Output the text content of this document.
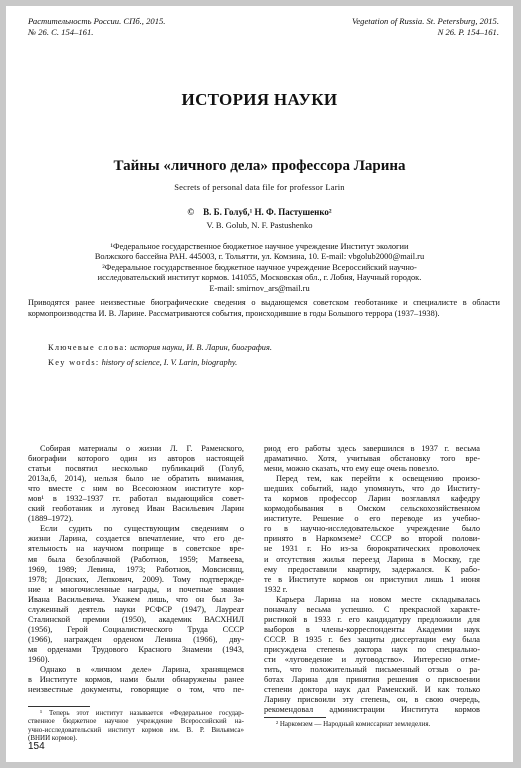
Растительность России. СПб., 2015.
№ 26. С. 154–161.
Vegetation of Russia. St. Petersburg, 2015.
N 26. P. 154–161.
ИСТОРИЯ НАУКИ
Тайны «личного дела» профессора Ларина
Secrets of personal data file for professor Larin
© В. Б. Голуб,¹ Н. Ф. Пастушенко²
V. B. Golub, N. F. Pastushenko
¹Федеральное государственное бюджетное научное учреждение Институт экологии
Волжского бассейна РАН. 445003, г. Тольятти, ул. Комзина, 10. E-mail: vbgolub2000@mail.ru
²Федеральное государственное бюджетное научное учреждение Всероссийский научно-
исследовательский институт кормов. 141055, Московская обл., г. Лобня, Научный городок.
E-mail: smirnov_ars@mail.ru
Приводятся ранее неизвестные биографические сведения о выдающемся советском геоботанике и специалисте в области кормопроизводства И. В. Ларине. Рассматриваются события, происходившие в годы Большого террора (1937–1938).
Ключевые слова: история науки, И. В. Ларин, биография.
Key words: history of science, I. V. Larin, biography.
Собирая материалы о жизни Л. Г. Раменского,
биографии которого один из авторов настоящей
статьи посвятил несколько публикаций (Голуб,
2013а,б, 2014), нельзя было не обратить внимания,
что вместе с ним во Всесоюзном институте кор-
мов¹ в 1932–1937 гг. работал выдающийся совет-
ский геоботаник и луговед Иван Васильевич Ларин
(1889–1972).
Если судить по существующим сведениям о
жизни Ларина, создается впечатление, что его де-
ятельность на научном поприще в советское вре-
мя была безоблачной (Работнов, 1959; Матвеева,
1969, 1989; Левина, 1973; Работнов, Мовсисянц,
1978; Донских, Лепкович, 2009). Тому подтвержде-
ние и многочисленные награды, и почетные звания
Ивана Васильевича. Укажем лишь, что он был За-
служенный деятель науки РСФСР (1947), Лауреат
Сталинской премии (1950), академик ВАСХНИЛ
(1956), Герой Социалистического Труда СССР
(1966), награжден орденом Ленина (1966), дву-
мя орденами Трудового Красного Знамени (1943,
1960).
Однако в «личном деле» Ларина, хранящемся
в Институте кормов, нами были обнаружены ранее
неизвестные документы, говорящие о том, что пе-
риод его работы здесь завершился в 1937 г. весьма
драматично. Хотя, учитывая обстановку того вре-
мени, можно сказать, что ему еще очень повезло.
Перед тем, как перейти к освещению произо-
шедших событий, надо упомянуть, что до Институ-
та кормов профессор Ларин возглавлял кафедру
кормодобывания в Омском сельскохозяйственном
институте. Решение о его переводе из учебно-
го в научно-исследовательское учреждение было
принято в Наркомземе² СССР во второй полови-
не 1931 г. Но из-за бюрократических проволочек
и отсутствия жилья переезд Ларина в Москву, где
ему предоставили квартиру, задержался. К рабо-
те в Институте кормов он приступил лишь 1 июня
1932 г.
Карьера Ларина на новом месте складывалась
поначалу весьма успешно. С прекрасной характе-
ристикой в 1933 г. его кандидатуру предложили для
выборов в члены-корреспонденты Академии наук
СССР. В 1935 г. без защиты диссертации ему была
присуждена степень доктора наук по специально-
сти «луговедение и луговодство». Интересно отме-
тить, что положительный письменный отзыв о ра-
ботах Ларина для принятия решения о присвоении
степени доктора наук дал Раменский. И как только
Ларину присвоили эту степень, он, в свою очередь,
рекомендовал администрации Института кормов
¹ Теперь этот институт называется «Федеральное государ-
ственное бюджетное научное учреждение Всероссийский на-
учно-исследовательский институт кормов им. В. Р. Вильямса»
(ВНИИ кормов).
² Наркомзем — Народный комиссариат земледелия.
154
